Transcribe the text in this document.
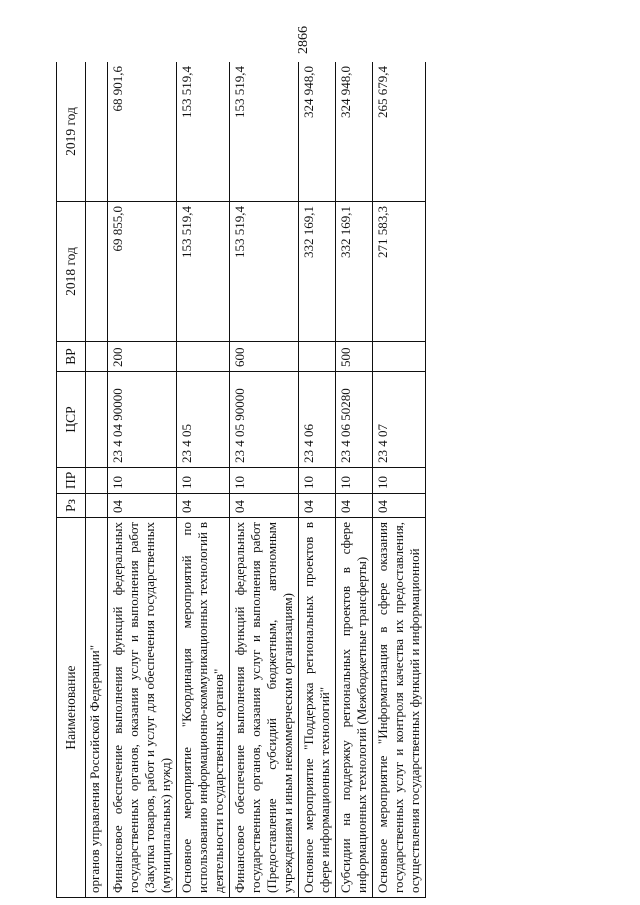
2866
Наименование	Рз	ПР	ЦСР	ВР	2018 год	2019 год
органов управления Российской Федерации"						
Финансовое обеспечение выполнения функций федеральных государственных органов, оказания услуг и выполнения работ (Закупка товаров, работ и услуг для обеспечения государственных (муниципальных) нужд)	04	10	23 4 04 90000	200	69 855,0	68 901,6
Основное мероприятие "Координация мероприятий по использованию информационно-коммуникационных технологий в деятельности государственных органов"	04	10	23 4 05		153 519,4	153 519,4
Финансовое обеспечение выполнения функций федеральных государственных органов, оказания услуг и выполнения работ (Предоставление субсидий бюджетным, автономным учреждениям и иным некоммерческим организациям)	04	10	23 4 05 90000	600	153 519,4	153 519,4
Основное мероприятие "Поддержка региональных проектов в сфере информационных технологий"	04	10	23 4 06		332 169,1	324 948,0
Субсидии на поддержку региональных проектов в сфере информационных технологий (Межбюджетные трансферты)	04	10	23 4 06 50280	500	332 169,1	324 948,0
Основное мероприятие "Информатизация в сфере оказания государственных услуг и контроля качества их предоставления, осуществления государственных функций и информационной	04	10	23 4 07		271 583,3	265 679,4
